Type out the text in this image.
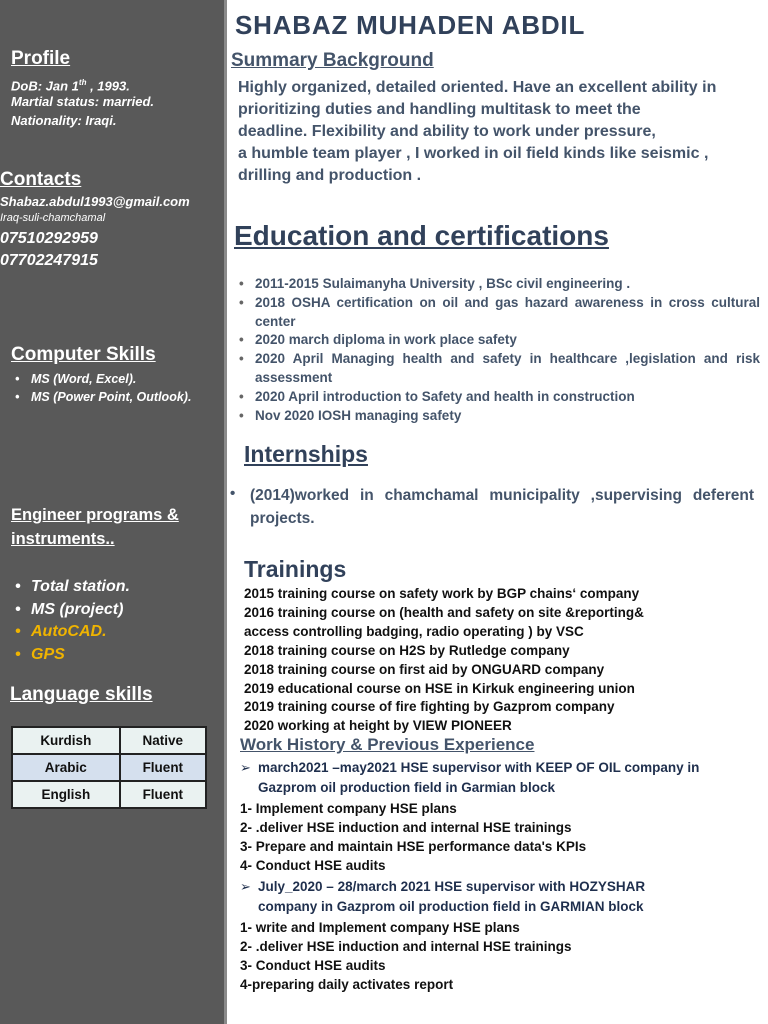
Profile
DoB: Jan 1th , 1993.
Martial status: married.
Nationality: Iraqi.
Contacts
Shabaz.abdul1993@gmail.com
Iraq-suli-chamchamal
07510292959
07702247915
Computer Skills
• MS (Word, Excel).
• MS (Power Point, Outlook).
Engineer programs &
instruments..
• Total station.
• MS (project)
• AutoCAD.
• GPS
Language skills
Kurdish	Native
Arabic	Fluent
English	Fluent
SHABAZ MUHADEN ABDIL
Summary Background
Highly organized, detailed oriented. Have an excellent ability in
prioritizing duties and handling multitask to meet the
deadline. Flexibility and ability to work under pressure,
a humble team player , I worked in oil field kinds like seismic ,
drilling and production .
Education and certifications
• 2011-2015 Sulaimanyha University , BSc civil engineering .
• 2018 OSHA certification on oil and gas hazard awareness in cross cultural center
• 2020 march diploma in work place safety
• 2020 April Managing health and safety in healthcare ,legislation and risk assessment
• 2020 April introduction to Safety and health in construction
• Nov 2020 IOSH managing safety
Internships
• (2014)worked in chamchamal municipality ,supervising deferent projects.
Trainings
2015 training course on safety work by BGP chains‘ company
2016 training course on (health and safety on site &reporting&
access controlling badging, radio operating ) by VSC
2018 training course on H2S by Rutledge company
2018 training course on first aid by ONGUARD company
2019 educational course on HSE in Kirkuk engineering union
2019 training course of fire fighting by Gazprom company
2020 working at height by VIEW PIONEER
Work History & Previous Experience
➢ march2021 –may2021 HSE supervisor with KEEP OF OIL company in
Gazprom oil production field in Garmian block
1- Implement company HSE plans
2- .deliver HSE induction and internal HSE trainings
3- Prepare and maintain HSE performance data's KPIs
4- Conduct HSE audits
➢ July_2020 – 28/march 2021 HSE supervisor with HOZYSHAR
company in Gazprom oil production field in GARMIAN block
1- write and Implement company HSE plans
2- .deliver HSE induction and internal HSE trainings
3- Conduct HSE audits
4-preparing daily activates report
